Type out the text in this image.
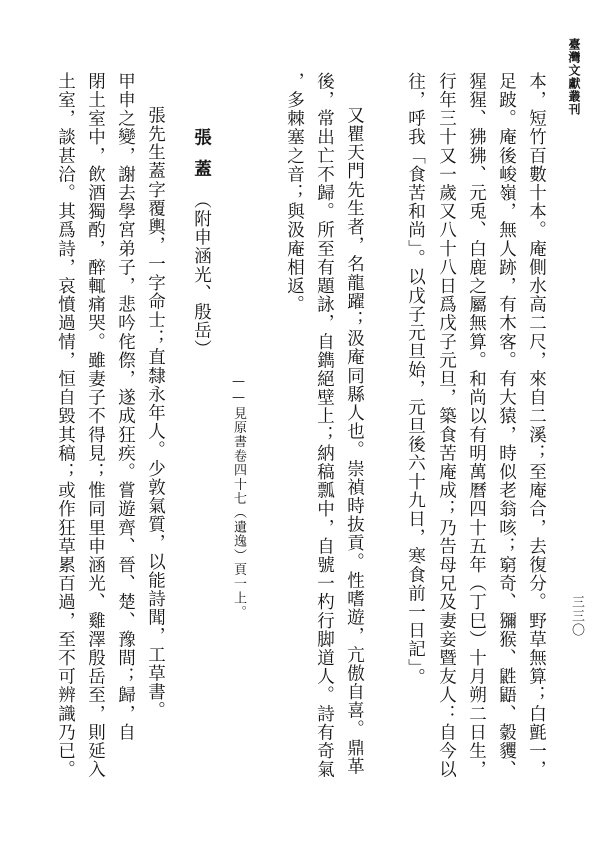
臺灣文獻叢刊
三三〇
本，短竹百數十本。庵側水高二尺，來自二溪；至庵合，去復分。野草無算；白氈一，
足跛。庵後峻嶺，無人跡，有木客。有大猿，時似老翁咳；窮奇、獼猴、鼪鼯、豰貜、
猩猩、狒狒、元兎、白鹿之屬無算。和尚以有明萬曆四十五年（丁巳）十月朔二日生，
行年三十又一歲又八十八日爲戊子元旦，築食苦庵成；乃告母兄及妻妾暨友人：自今以
往，呼我「食苦和尚」。以戊子元旦始，元旦後六十九日，寒食前一日記」。
又瞿天門先生者，名龍躍；汲庵同縣人也。崇禎時抜貢。性嗜遊，亢傲自喜。鼎革
後，常出亡不歸。所至有題詠，自鐫絕壁上；納稿瓢中，自號一杓行脚道人。詩有奇氣
，多棘塞之音；與汲庵相返。
——見原書卷四十七（遺逸）頁一上。
張蓋（附申涵光、殷岳）
張先生蓋字覆輿，一字命士；直隸永年人。少敦氣質，以能詩聞，工草書。
甲申之變，謝去學宮弟子，悲吟侘傺，遂成狂疾。嘗遊齊、晉、楚、豫間；歸，自
閉土室中，飲酒獨酌，醉輒痛哭。雖妻子不得見；惟同里申涵光、雞澤殷岳至，則延入
土室，談甚洽。其爲詩，哀憤過情，恒自毀其稿；或作狂草累百過，至不可辨識乃已。
